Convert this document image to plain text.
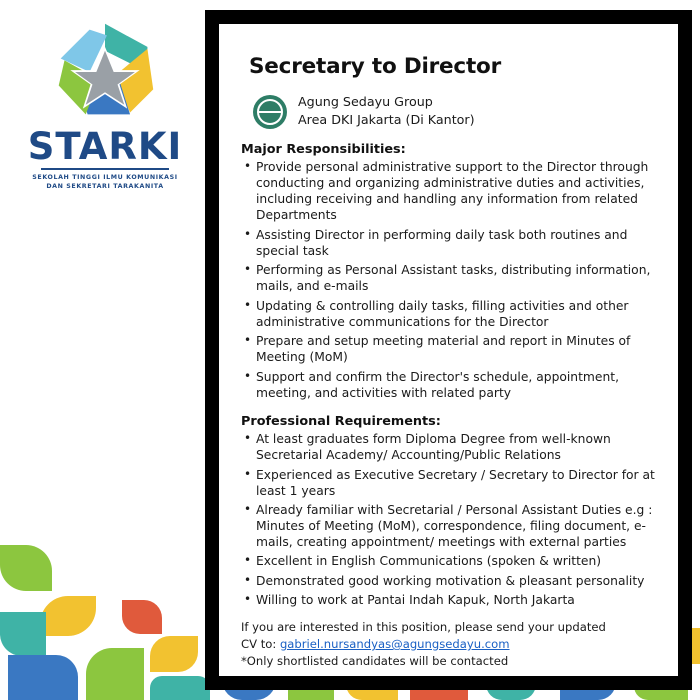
STARKI
SEKOLAH TINGGI ILMU KOMUNIKASI
DAN SEKRETARI TARAKANITA
Secretary to Director
Agung Sedayu Group
Area DKI Jakarta (Di Kantor)
Major Responsibilities:
• Provide personal administrative support to the Director through conducting and organizing administrative duties and activities, including receiving and handling any information from related Departments
• Assisting Director in performing daily task both routines and special task
• Performing as Personal Assistant tasks, distributing information, mails, and e-mails
• Updating & controlling daily tasks, filling activities and other administrative communications for the Director
• Prepare and setup meeting material and report in Minutes of Meeting (MoM)
• Support and confirm the Director's schedule, appointment, meeting, and activities with related party
Professional Requirements:
• At least graduates form Diploma Degree from well-known Secretarial Academy/ Accounting/Public Relations
• Experienced as Executive Secretary / Secretary to Director for at least 1 years
• Already familiar with Secretarial / Personal Assistant Duties e.g : Minutes of Meeting (MoM), correspondence, filing document, e-mails, creating appointment/ meetings with external parties
• Excellent in English Communications (spoken & written)
• Demonstrated good working motivation & pleasant personality
• Willing to work at Pantai Indah Kapuk, North Jakarta
If you are interested in this position, please send your updated
CV to: gabriel.nursandyas@agungsedayu.com
*Only shortlisted candidates will be contacted
